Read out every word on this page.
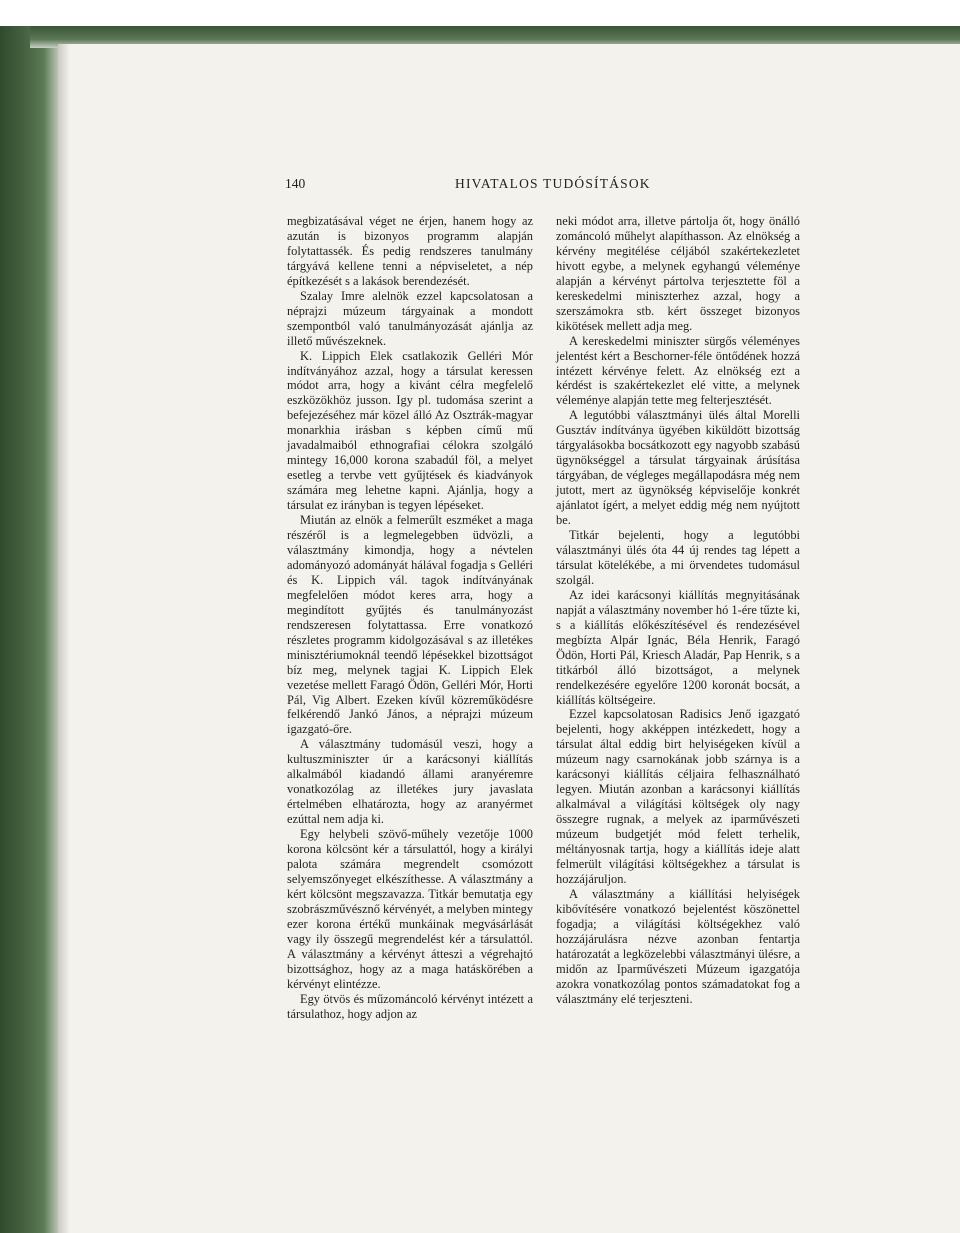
140	HIVATALOS TUDÓSÍTÁSOK

megbizatásával véget ne érjen, hanem hogy az azután is bizonyos programm alapján folytattassék. És pedig rendszeres tanulmány tárgyává kellene tenni a népviseletet, a nép építkezését s a lakások berendezését.

Szalay Imre alelnök ezzel kapcsolatosan a néprajzi múzeum tárgyainak a mondott szempontból való tanulmányozását ajánlja az illető művészeknek.

K. Lippich Elek csatlakozik Gelléri Mór indítványához azzal, hogy a társulat keressen módot arra, hogy a kivánt célra megfelelő eszközökhöz jusson. Igy pl. tudomása szerint a befejezéséhez már közel álló Az Osztrák-magyar monarkhia irásban s képben című mű javadalmaiból ethnografiai célokra szolgáló mintegy 16,000 korona szabadúl föl, a melyet esetleg a tervbe vett gyűjtések és kiadványok számára meg lehetne kapni. Ajánlja, hogy a társulat ez irányban is tegyen lépéseket.

Miután az elnök a felmerűlt eszméket a maga részéről is a legmelegebben üdvözli, a választmány kimondja, hogy a névtelen adományozó adományát hálával fogadja s Gelléri és K. Lippich vál. tagok indítványának megfelelően módot keres arra, hogy a megindított gyűjtés és tanulmányozást rendszeresen folytattassa. Erre vonatkozó részletes programm kidolgozásával s az illetékes minisztériumoknál teendő lépésekkel bizottságot bíz meg, melynek tagjai K. Lippich Elek vezetése mellett Faragó Ödön, Gelléri Mór, Horti Pál, Vig Albert. Ezeken kívűl közreműködésre felkérendő Jankó János, a néprajzi múzeum igazgató-őre.

A választmány tudomásúl veszi, hogy a kultuszminiszter úr a karácsonyi kiállítás alkalmából kiadandó állami aranyéremre vonatkozólag az illetékes jury javaslata értelmében elhatározta, hogy az aranyérmet ezúttal nem adja ki.

Egy helybeli szövő-műhely vezetője 1000 korona kölcsönt kér a társulattól, hogy a királyi palota számára megrendelt csomózott selyemszőnyeget elkészíthesse. A választmány a kért kölcsönt megszavazza. Titkár bemutatja egy szobrászművésznő kérvényét, a melyben mintegy ezer korona értékű munkáinak megvásárlását vagy ily összegű megrendelést kér a társulattól. A választmány a kérvényt átteszi a végrehajtó bizottsághoz, hogy az a maga hatáskörében a kérvényt elintézze.

Egy ötvös és műzománcoló kérvényt intézett a társulathoz, hogy adjon az

neki módot arra, illetve pártolja őt, hogy önálló zománcoló műhelyt alapíthasson. Az elnökség a kérvény megitélése céljából szakértekezletet hivott egybe, a melynek egyhangú véleménye alapján a kérvényt pártolva terjesztette föl a kereskedelmi miniszterhez azzal, hogy a szerszámokra stb. kért összeget bizonyos kikötések mellett adja meg.

A kereskedelmi miniszter sürgős véleményes jelentést kért a Beschorner-féle öntődének hozzá intézett kérvénye felett. Az elnökség ezt a kérdést is szakértekezlet elé vitte, a melynek véleménye alapján tette meg felterjesztését.

A legutóbbi választmányi ülés által Morelli Gusztáv indítványa ügyében kiküldött bizottság tárgyalásokba bocsátkozott egy nagyobb szabású ügynökséggel a társulat tárgyainak árúsítása tárgyában, de végleges megállapodásra még nem jutott, mert az ügynökség képviselője konkrét ajánlatot ígért, a melyet eddig még nem nyújtott be.

Titkár bejelenti, hogy a legutóbbi választmányi ülés óta 44 új rendes tag lépett a társulat kötelékébe, a mi örvendetes tudomásul szolgál.

Az idei karácsonyi kiállítás megnyitásának napját a választmány november hó 1-ére tűzte ki, s a kiállítás előkészítésével és rendezésével megbízta Alpár Ignác, Béla Henrik, Faragó Ödön, Horti Pál, Kriesch Aladár, Pap Henrik, s a titkárból álló bizottságot, a melynek rendelkezésére egyelőre 1200 koronát bocsát, a kiállítás költségeire.

Ezzel kapcsolatosan Radisics Jenő igazgató bejelenti, hogy akképpen intézkedett, hogy a társulat által eddig birt helyiségeken kívül a múzeum nagy csarnokának jobb szárnya is a karácsonyi kiállítás céljaira felhasználható legyen. Miután azonban a karácsonyi kiállítás alkalmával a világítási költségek oly nagy összegre rugnak, a melyek az iparművészeti múzeum budgetjét mód felett terhelik, méltányosnak tartja, hogy a kiállítás ideje alatt felmerült világítási költségekhez a társulat is hozzájáruljon.

A választmány a kiállítási helyiségek kibővítésére vonatkozó bejelentést köszönettel fogadja; a világítási költségekhez való hozzájárulásra nézve azonban fentartja határozatát a legközelebbi választmányi ülésre, a midőn az Iparművészeti Múzeum igazgatója azokra vonatkozólag pontos számadatokat fog a választmány elé terjeszteni.
